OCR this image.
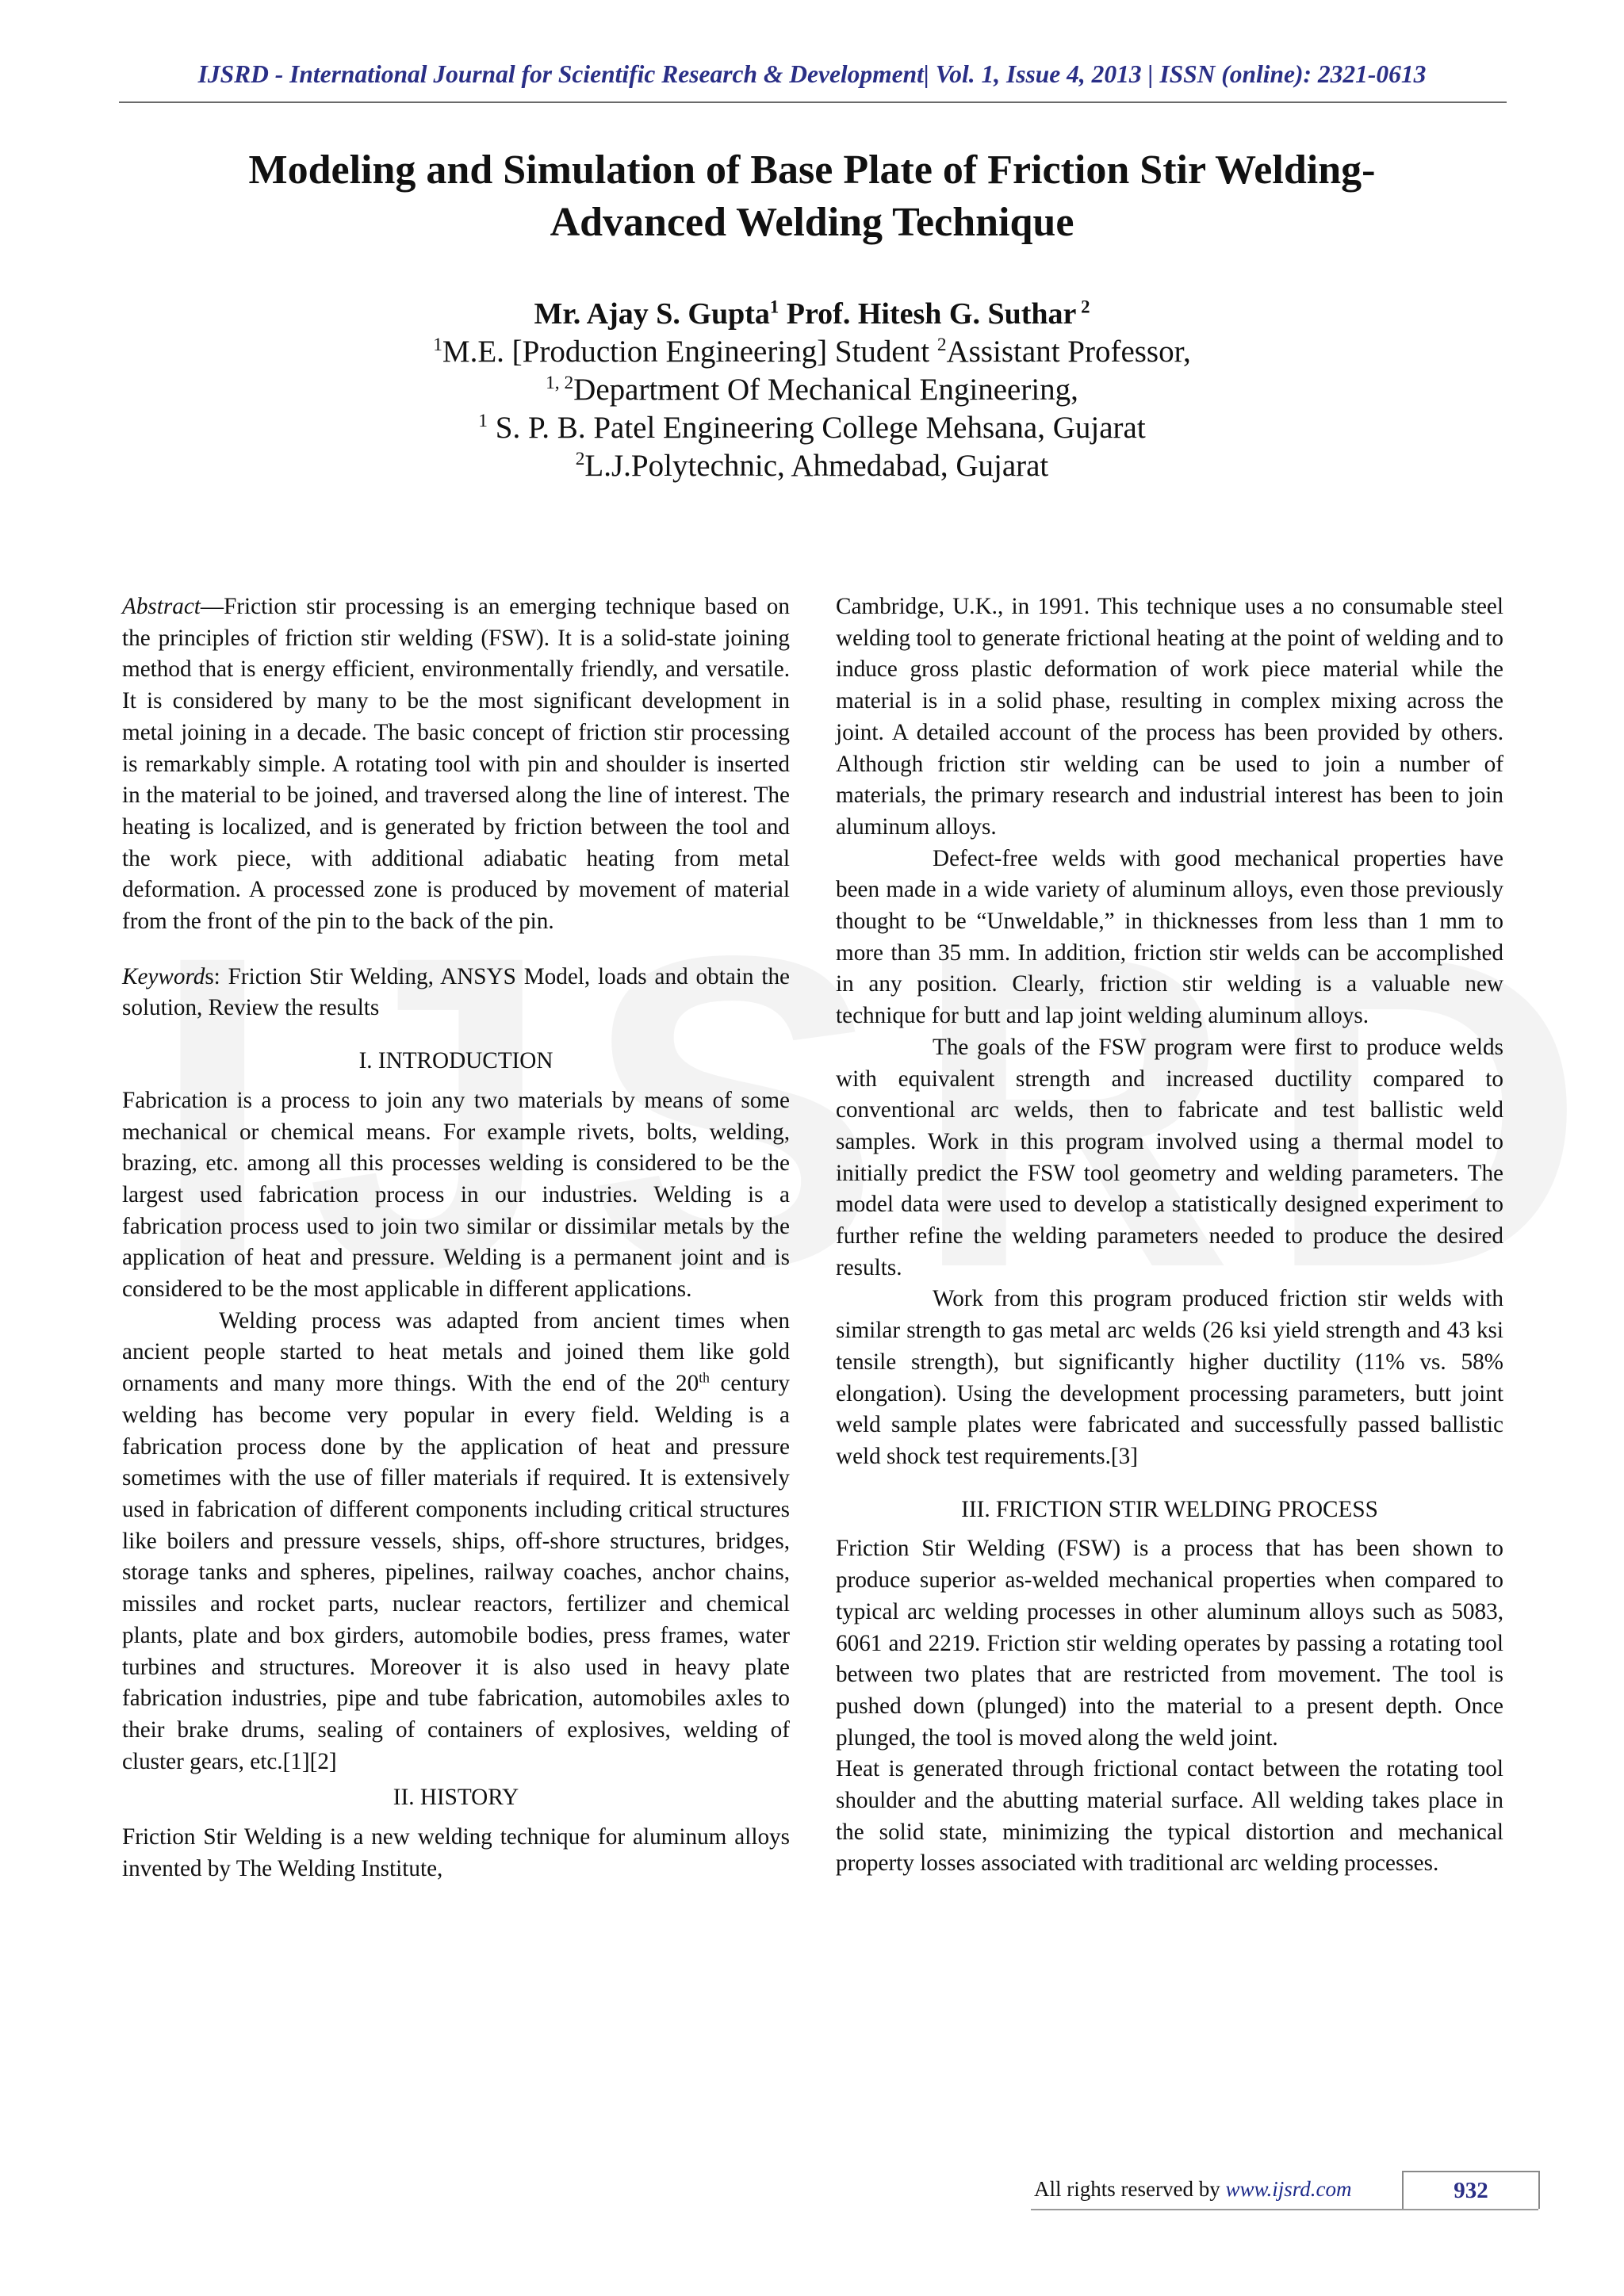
IJSRD - International Journal for Scientific Research & Development| Vol. 1, Issue 4, 2013 | ISSN (online): 2321-0613
Modeling and Simulation of Base Plate of Friction Stir Welding-
Advanced Welding Technique
Mr. Ajay S. Gupta$^1$ Prof. Hitesh G. Suthar $^2$
$^1$M.E. [Production Engineering] Student $^2$Assistant Professor,
$^{1, 2}$Department Of Mechanical Engineering,
$^1$ S. P. B. Patel Engineering College Mehsana, Gujarat
$^2$L.J.Polytechnic, Ahmedabad, Gujarat

Abstract—Friction stir processing is an emerging technique based on the principles of friction stir welding (FSW). It is a solid-state joining method that is energy efficient, environmentally friendly, and versatile. It is considered by many to be the most significant development in metal joining in a decade. The basic concept of friction stir processing is remarkably simple. A rotating tool with pin and shoulder is inserted in the material to be joined, and traversed along the line of interest. The heating is localized, and is generated by friction between the tool and the work piece, with additional adiabatic heating from metal deformation. A processed zone is produced by movement of material from the front of the pin to the back of the pin.

Keywords: Friction Stir Welding, ANSYS Model, loads and obtain the solution, Review the results

I. INTRODUCTION

Fabrication is a process to join any two materials by means of some mechanical or chemical means. For example rivets, bolts, welding, brazing, etc. among all this processes welding is considered to be the largest used fabrication process in our industries. Welding is a fabrication process used to join two similar or dissimilar metals by the application of heat and pressure. Welding is a permanent joint and is considered to be the most applicable in different applications.

Welding process was adapted from ancient times when ancient people started to heat metals and joined them like gold ornaments and many more things. With the end of the 20th century welding has become very popular in every field. Welding is a fabrication process done by the application of heat and pressure sometimes with the use of filler materials if required. It is extensively used in fabrication of different components including critical structures like boilers and pressure vessels, ships, off-shore structures, bridges, storage tanks and spheres, pipelines, railway coaches, anchor chains, missiles and rocket parts, nuclear reactors, fertilizer and chemical plants, plate and box girders, automobile bodies, press frames, water turbines and structures. Moreover it is also used in heavy plate fabrication industries, pipe and tube fabrication, automobiles axles to their brake drums, sealing of containers of explosives, welding of cluster gears, etc.[1][2]

II. HISTORY

Friction Stir Welding is a new welding technique for aluminum alloys invented by The Welding Institute,

Cambridge, U.K., in 1991. This technique uses a no consumable steel welding tool to generate frictional heating at the point of welding and to induce gross plastic deformation of work piece material while the material is in a solid phase, resulting in complex mixing across the joint. A detailed account of the process has been provided by others. Although friction stir welding can be used to join a number of materials, the primary research and industrial interest has been to join aluminum alloys.

Defect-free welds with good mechanical properties have been made in a wide variety of aluminum alloys, even those previously thought to be “Unweldable,” in thicknesses from less than 1 mm to more than 35 mm. In addition, friction stir welds can be accomplished in any position. Clearly, friction stir welding is a valuable new technique for butt and lap joint welding aluminum alloys.

The goals of the FSW program were first to produce welds with equivalent strength and increased ductility compared to conventional arc welds, then to fabricate and test ballistic weld samples. Work in this program involved using a thermal model to initially predict the FSW tool geometry and welding parameters. The model data were used to develop a statistically designed experiment to further refine the welding parameters needed to produce the desired results.

Work from this program produced friction stir welds with similar strength to gas metal arc welds (26 ksi yield strength and 43 ksi tensile strength), but significantly higher ductility (11% vs. 58% elongation). Using the development processing parameters, butt joint weld sample plates were fabricated and successfully passed ballistic weld shock test requirements.[3]

III. FRICTION STIR WELDING PROCESS

Friction Stir Welding (FSW) is a process that has been shown to produce superior as-welded mechanical properties when compared to typical arc welding processes in other aluminum alloys such as 5083, 6061 and 2219. Friction stir welding operates by passing a rotating tool between two plates that are restricted from movement. The tool is pushed down (plunged) into the material to a present depth. Once plunged, the tool is moved along the weld joint.

Heat is generated through frictional contact between the rotating tool shoulder and the abutting material surface. All welding takes place in the solid state, minimizing the typical distortion and mechanical property losses associated with traditional arc welding processes.

All rights reserved by www.ijsrd.com	932
